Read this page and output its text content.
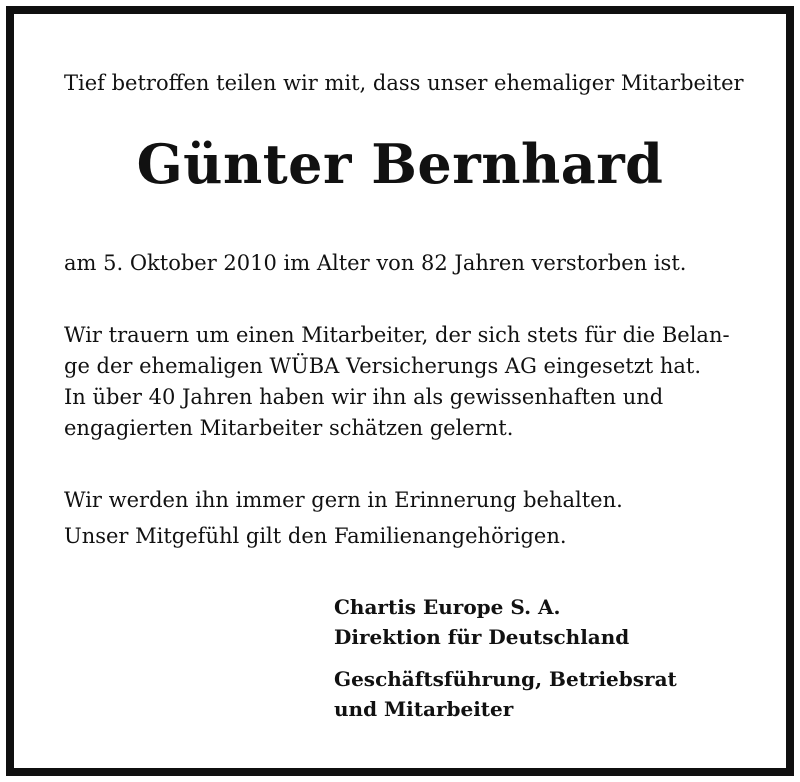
Tief betroffen teilen wir mit, dass unser ehemaliger Mitarbeiter
Günter Bernhard
am 5. Oktober 2010 im Alter von 82 Jahren verstorben ist.
Wir trauern um einen Mitarbeiter, der sich stets für die Belan-
ge der ehemaligen WÜBA Versicherungs AG eingesetzt hat.
In über 40 Jahren haben wir ihn als gewissenhaften und
engagierten Mitarbeiter schätzen gelernt.
Wir werden ihn immer gern in Erinnerung behalten.
Unser Mitgefühl gilt den Familienangehörigen.
Chartis Europe S. A.
Direktion für Deutschland
Geschäftsführung, Betriebsrat
und Mitarbeiter
